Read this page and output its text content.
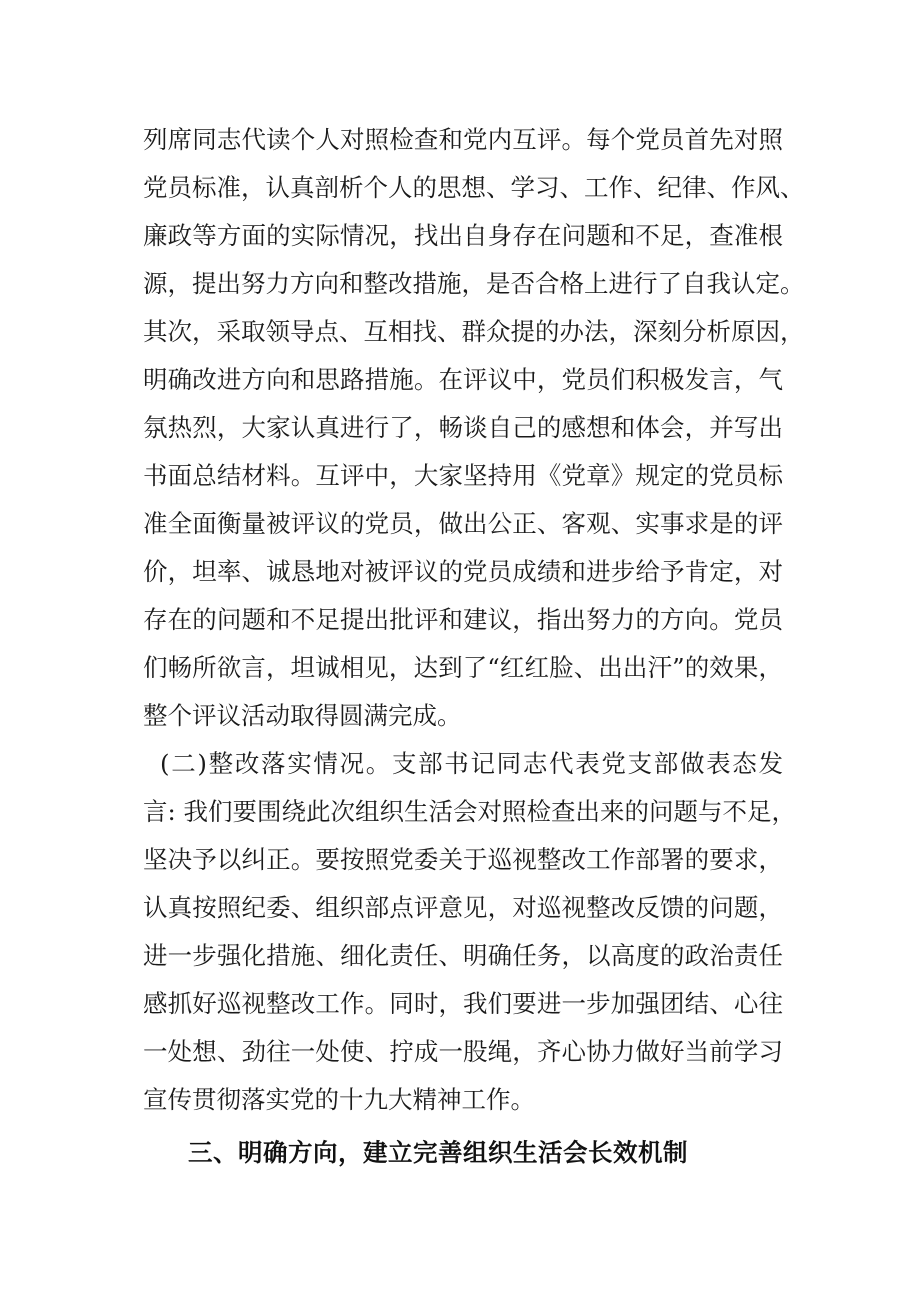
列席同志代读个人对照检查和党内互评。每个党员首先对照
党员标准，认真剖析个人的思想、学习、工作、纪律、作风、
廉政等方面的实际情况，找出自身存在问题和不足，查准根
源，提出努力方向和整改措施，是否合格上进行了自我认定。
其次，采取领导点、互相找、群众提的办法，深刻分析原因，
明确改进方向和思路措施。在评议中，党员们积极发言，气
氛热烈，大家认真进行了，畅谈自己的感想和体会，并写出
书面总结材料。互评中，大家坚持用《党章》规定的党员标
准全面衡量被评议的党员，做出公正、客观、实事求是的评
价，坦率、诚恳地对被评议的党员成绩和进步给予肯定，对
存在的问题和不足提出批评和建议，指出努力的方向。党员
们畅所欲言，坦诚相见，达到了“红红脸、出出汗”的效果，
整个评议活动取得圆满完成。
(二)整改落实情况。支部书记同志代表党支部做表态发
言: 我们要围绕此次组织生活会对照检查出来的问题与不足，
坚决予以纠正。要按照党委关于巡视整改工作部署的要求，
认真按照纪委、组织部点评意见，对巡视整改反馈的问题，
进一步强化措施、细化责任、明确任务，以高度的政治责任
感抓好巡视整改工作。同时，我们要进一步加强团结、心往
一处想、劲往一处使、拧成一股绳，齐心协力做好当前学习
宣传贯彻落实党的十九大精神工作。
三、明确方向，建立完善组织生活会长效机制
